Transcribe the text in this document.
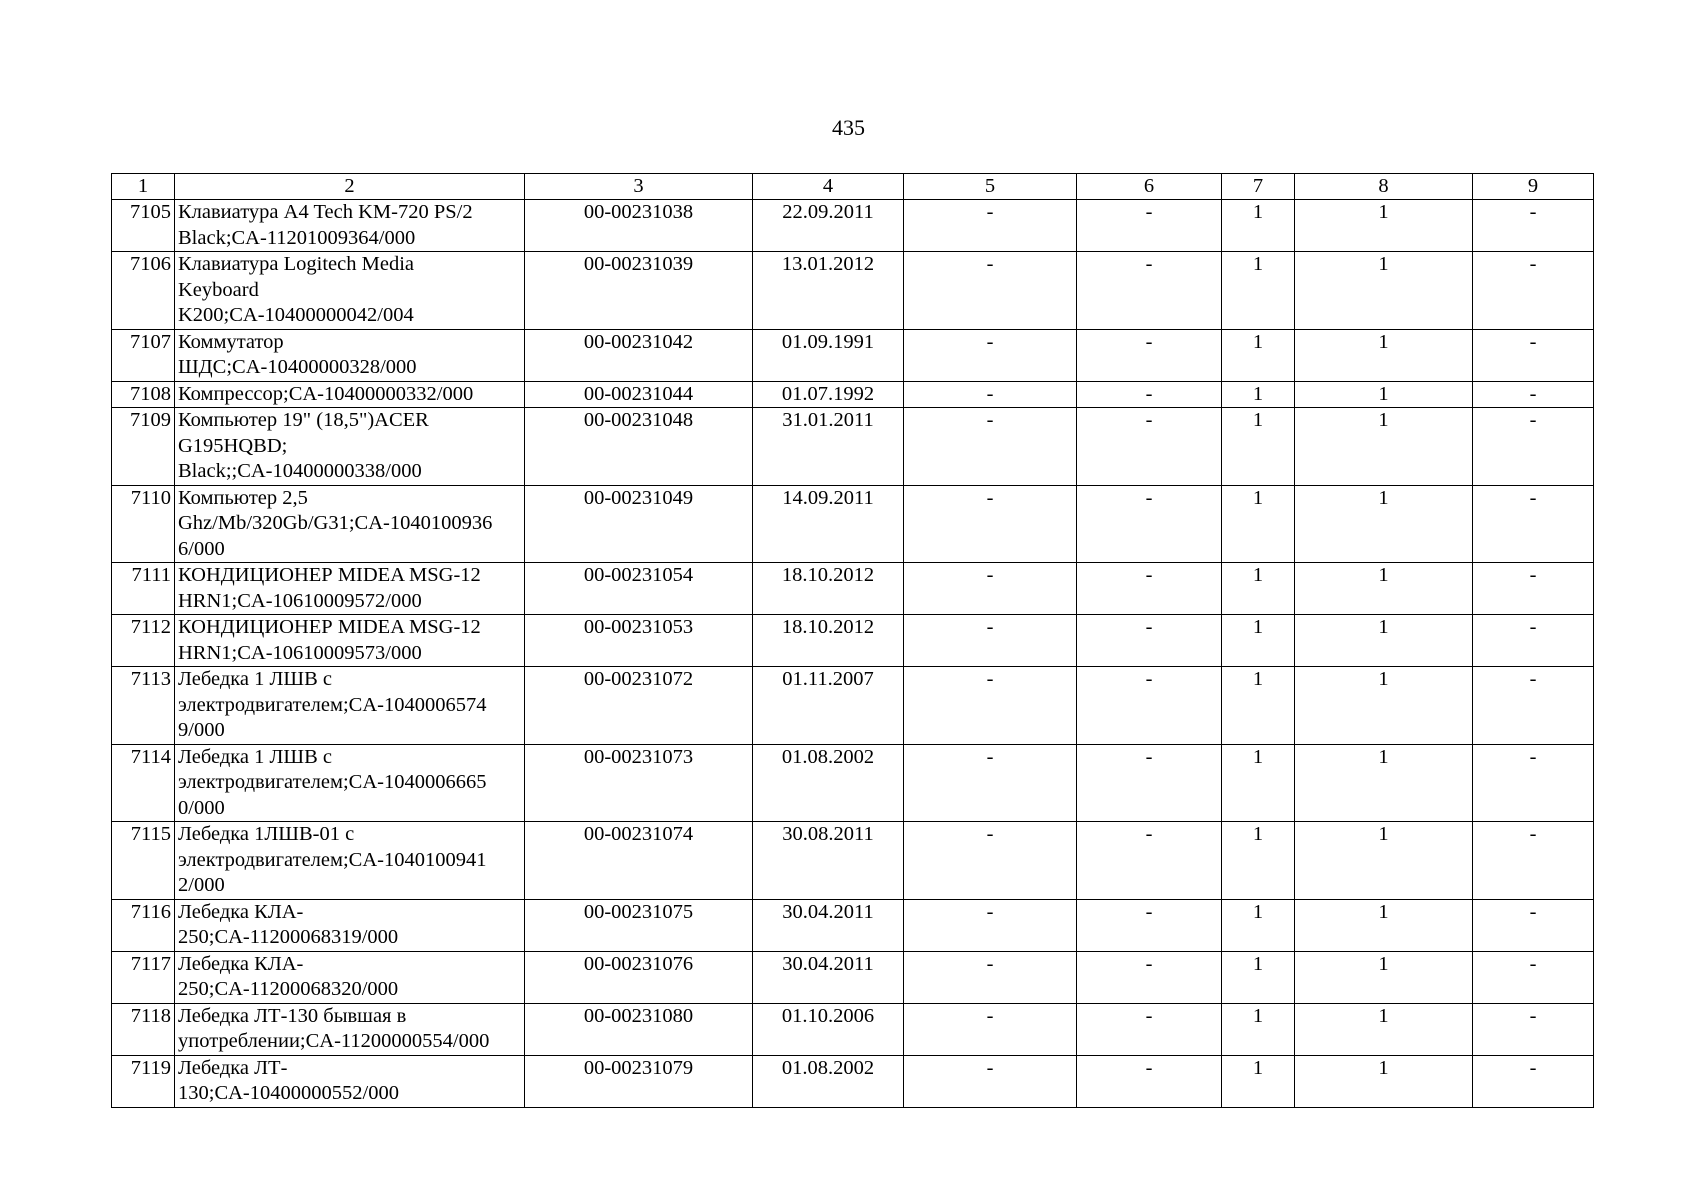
435
1	2	3	4	5	6	7	8	9
7105	Клавиатура A4 Tech KM-720 PS/2
Black;CA-11201009364/000	00-00231038	22.09.2011	-	-	1	1	-
7106	Клавиатура Logitech Media
Keyboard
K200;CA-10400000042/004	00-00231039	13.01.2012	-	-	1	1	-
7107	Коммутатор
ШДС;CA-10400000328/000	00-00231042	01.09.1991	-	-	1	1	-
7108	Компрессор;CA-10400000332/000	00-00231044	01.07.1992	-	-	1	1	-
7109	Компьютер 19" (18,5")ACER
G195HQBD;
Black;;CA-10400000338/000	00-00231048	31.01.2011	-	-	1	1	-
7110	Компьютер 2,5
Ghz/Mb/320Gb/G31;CA-1040100936
6/000	00-00231049	14.09.2011	-	-	1	1	-
7111	КОНДИЦИОНЕР MIDEA MSG-12
HRN1;CA-10610009572/000	00-00231054	18.10.2012	-	-	1	1	-
7112	КОНДИЦИОНЕР MIDEA MSG-12
HRN1;CA-10610009573/000	00-00231053	18.10.2012	-	-	1	1	-
7113	Лебедка 1 ЛШВ с
электродвигателем;CA-1040006574
9/000	00-00231072	01.11.2007	-	-	1	1	-
7114	Лебедка 1 ЛШВ с
электродвигателем;CA-1040006665
0/000	00-00231073	01.08.2002	-	-	1	1	-
7115	Лебедка 1ЛШВ-01 с
электродвигателем;CA-1040100941
2/000	00-00231074	30.08.2011	-	-	1	1	-
7116	Лебедка КЛА-
250;CA-11200068319/000	00-00231075	30.04.2011	-	-	1	1	-
7117	Лебедка КЛА-
250;CA-11200068320/000	00-00231076	30.04.2011	-	-	1	1	-
7118	Лебедка ЛТ-130 бывшая в
употреблении;CA-11200000554/000	00-00231080	01.10.2006	-	-	1	1	-
7119	Лебедка ЛТ-
130;CA-10400000552/000	00-00231079	01.08.2002	-	-	1	1	-
